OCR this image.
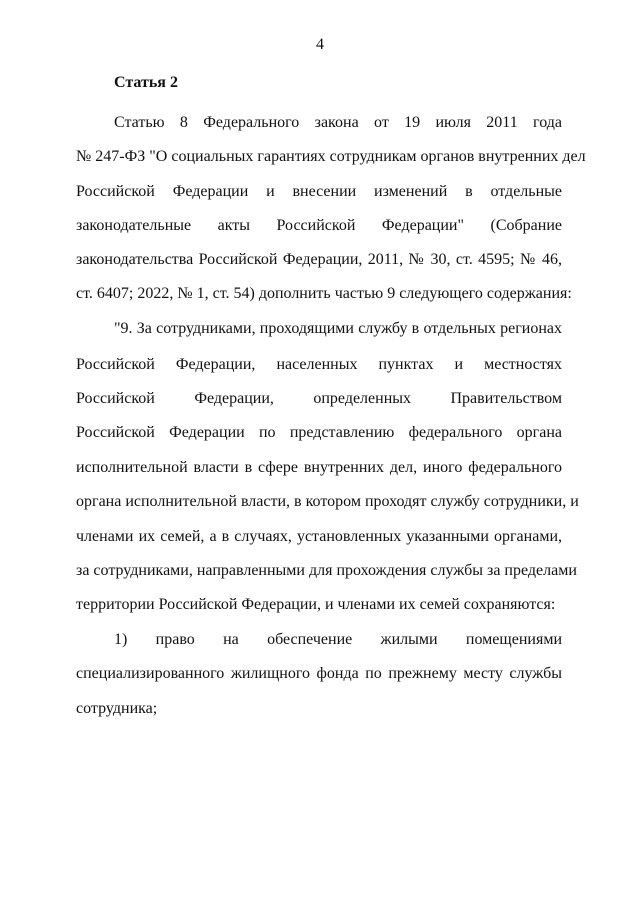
4
Статья 2
Статью 8 Федерального закона от 19 июля 2011 года
№ 247-ФЗ "О социальных гарантиях сотрудникам органов внутренних дел
Российской Федерации и внесении изменений в отдельные
законодательные акты Российской Федерации" (Собрание
законодательства Российской Федерации, 2011, № 30, ст. 4595; № 46,
ст. 6407; 2022, № 1, ст. 54) дополнить частью 9 следующего содержания:
"9. За сотрудниками, проходящими службу в отдельных регионах
Российской Федерации, населенных пунктах и местностях
Российской Федерации, определенных Правительством
Российской Федерации по представлению федерального органа
исполнительной власти в сфере внутренних дел, иного федерального
органа исполнительной власти, в котором проходят службу сотрудники, и
членами их семей, а в случаях, установленных указанными органами,
за сотрудниками, направленными для прохождения службы за пределами
территории Российской Федерации, и членами их семей сохраняются:
1) право на обеспечение жилыми помещениями
специализированного жилищного фонда по прежнему месту службы
сотрудника;
